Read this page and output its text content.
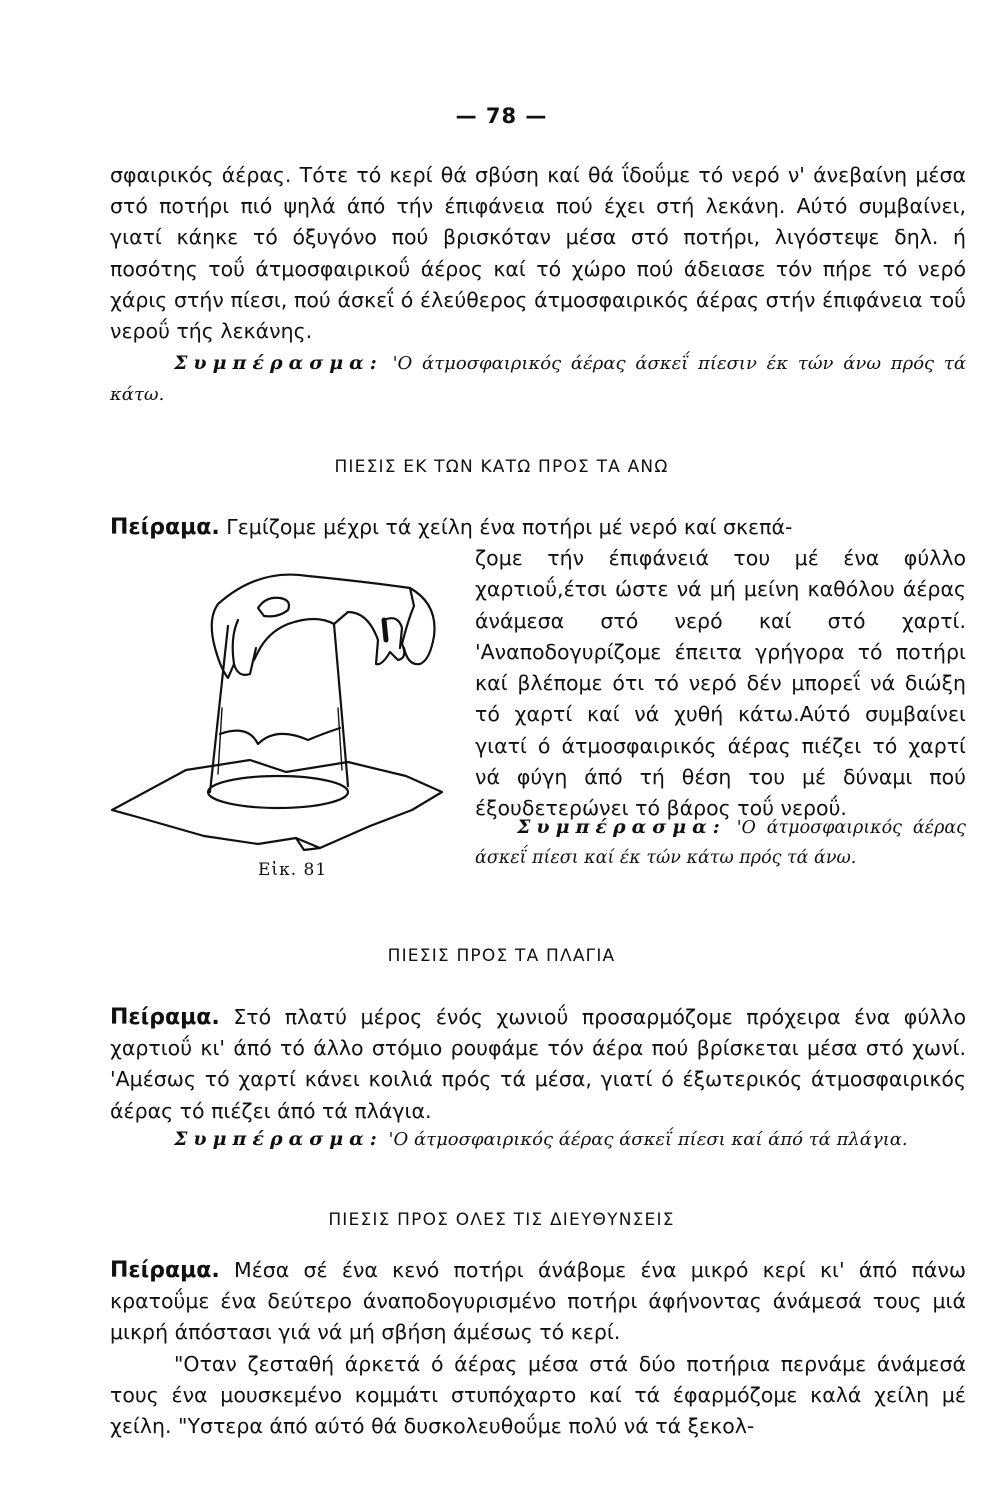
— 78 —
σφαιρικός άέρας. Τότε τό κερί θά σβύση καί θά ΐδοΰμε τό νερό ν' άνεβαίνη μέσα στό ποτήρι πιό ψηλά άπό τήν έπιφάνεια πού έχει στή λεκάνη. Αύτό συμβαίνει, γιατί κάηκε τό όξυγόνο πού βρισκόταν μέσα στό ποτήρι, λιγόστεψε δηλ. ή ποσότης τοΰ άτμοσφαιρικοΰ άέρος καί τό χώρο πού άδειασε τόν πήρε τό νερό χάρις στήν πίεσι, πού άσκεΐ ό έλεύθερος άτμοσφαιρικός άέρας στήν έπιφάνεια τοΰ νεροΰ τής λεκάνης.
Συμπέρασμα: 'Ο άτμοσφαιρικός άέρας άσκεΐ πίεσιν έκ τών άνω πρός τά κάτω.
ΠΙΕΣΙΣ ΕΚ ΤΩΝ ΚΑΤΩ ΠΡΟΣ ΤΑ ΑΝΩ
Πείραμα. Γεμίζομε μέχρι τά χείλη ένα ποτήρι μέ νερό καί σκεπά-
Εἰκ. 81
ζομε τήν έπιφάνειά του μέ ένα φύλλο χαρτιοΰ,έτσι ώστε νά μή μείνη καθόλου άέρας άνάμεσα στό νερό καί στό χαρτί. 'Αναποδογυρίζομε έπειτα γρήγορα τό ποτήρι καί βλέπομε ότι τό νερό δέν μπορεΐ νά διώξη τό χαρτί καί νά χυθή κάτω.Αύτό συμβαίνει γιατί ό άτμοσφαιρικός άέρας πιέζει τό χαρτί νά φύγη άπό τή θέση του μέ δύναμι πού έξουδετερώνει τό βάρος τοΰ νεροΰ.
Συμπέρασμα: 'Ο άτμοσφαιρικός άέρας άσκεΐ πίεσι καί έκ τών κάτω πρός τά άνω.
ΠΙΕΣΙΣ ΠΡΟΣ ΤΑ ΠΛΑΓΙΑ
Πείραμα. Στό πλατύ μέρος ένός χωνιοΰ προσαρμόζομε πρόχειρα ένα φύλλο χαρτιοΰ κι' άπό τό άλλο στόμιο ρουφάμε τόν άέρα πού βρίσκεται μέσα στό χωνί. 'Αμέσως τό χαρτί κάνει κοιλιά πρός τά μέσα, γιατί ό έξωτερικός άτμοσφαιρικός άέρας τό πιέζει άπό τά πλάγια.
Συμπέρασμα: 'Ο άτμοσφαιρικός άέρας άσκεΐ πίεσι καί άπό τά πλάγια.
ΠΙΕΣΙΣ ΠΡΟΣ ΟΛΕΣ ΤΙΣ ΔΙΕΥΘΥΝΣΕΙΣ
Πείραμα. Μέσα σέ ένα κενό ποτήρι άνάβομε ένα μικρό κερί κι' άπό πάνω κρατοΰμε ένα δεύτερο άναποδογυρισμένο ποτήρι άφήνοντας άνάμεσά τους μιά μικρή άπόστασι γιά νά μή σβήση άμέσως τό κερί.
"Οταν ζεσταθή άρκετά ό άέρας μέσα στά δύο ποτήρια περνάμε άνάμεσά τους ένα μουσκεμένο κομμάτι στυπόχαρτο καί τά έφαρμόζομε καλά χείλη μέ χείλη. "Υστερα άπό αύτό θά δυσκολευθοΰμε πολύ νά τά ξεκολ-
